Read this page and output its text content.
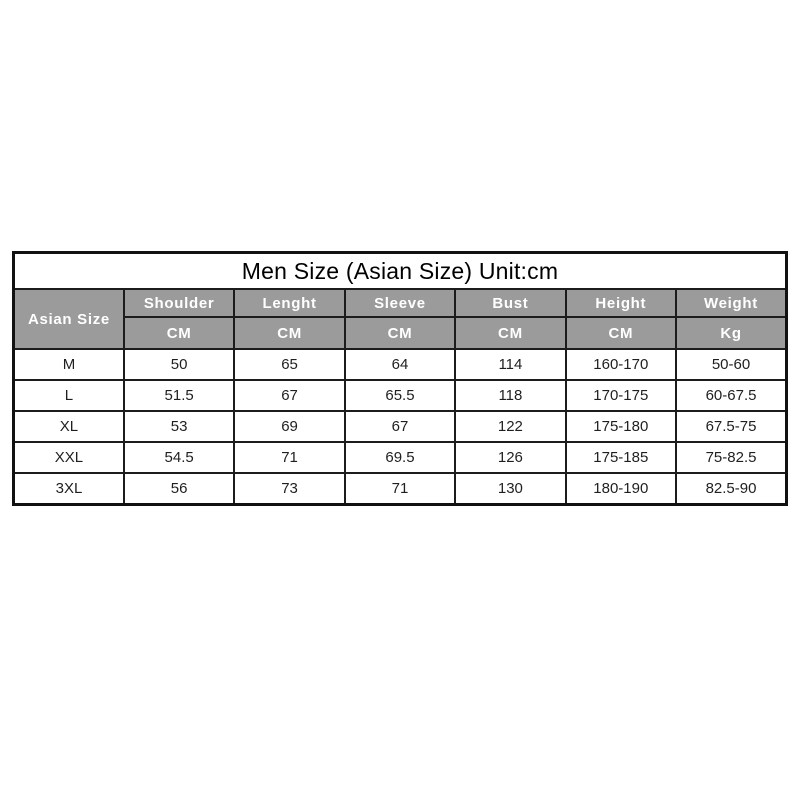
Men Size (Asian Size) Unit:cm						
Asian Size	Shoulder	Lenght	Sleeve	Bust	Height	Weight
	CM	CM	CM	CM	CM	Kg
M	50	65	64	114	160-170	50-60
L	51.5	67	65.5	118	170-175	60-67.5
XL	53	69	67	122	175-180	67.5-75
XXL	54.5	71	69.5	126	175-185	75-82.5
3XL	56	73	71	130	180-190	82.5-90
